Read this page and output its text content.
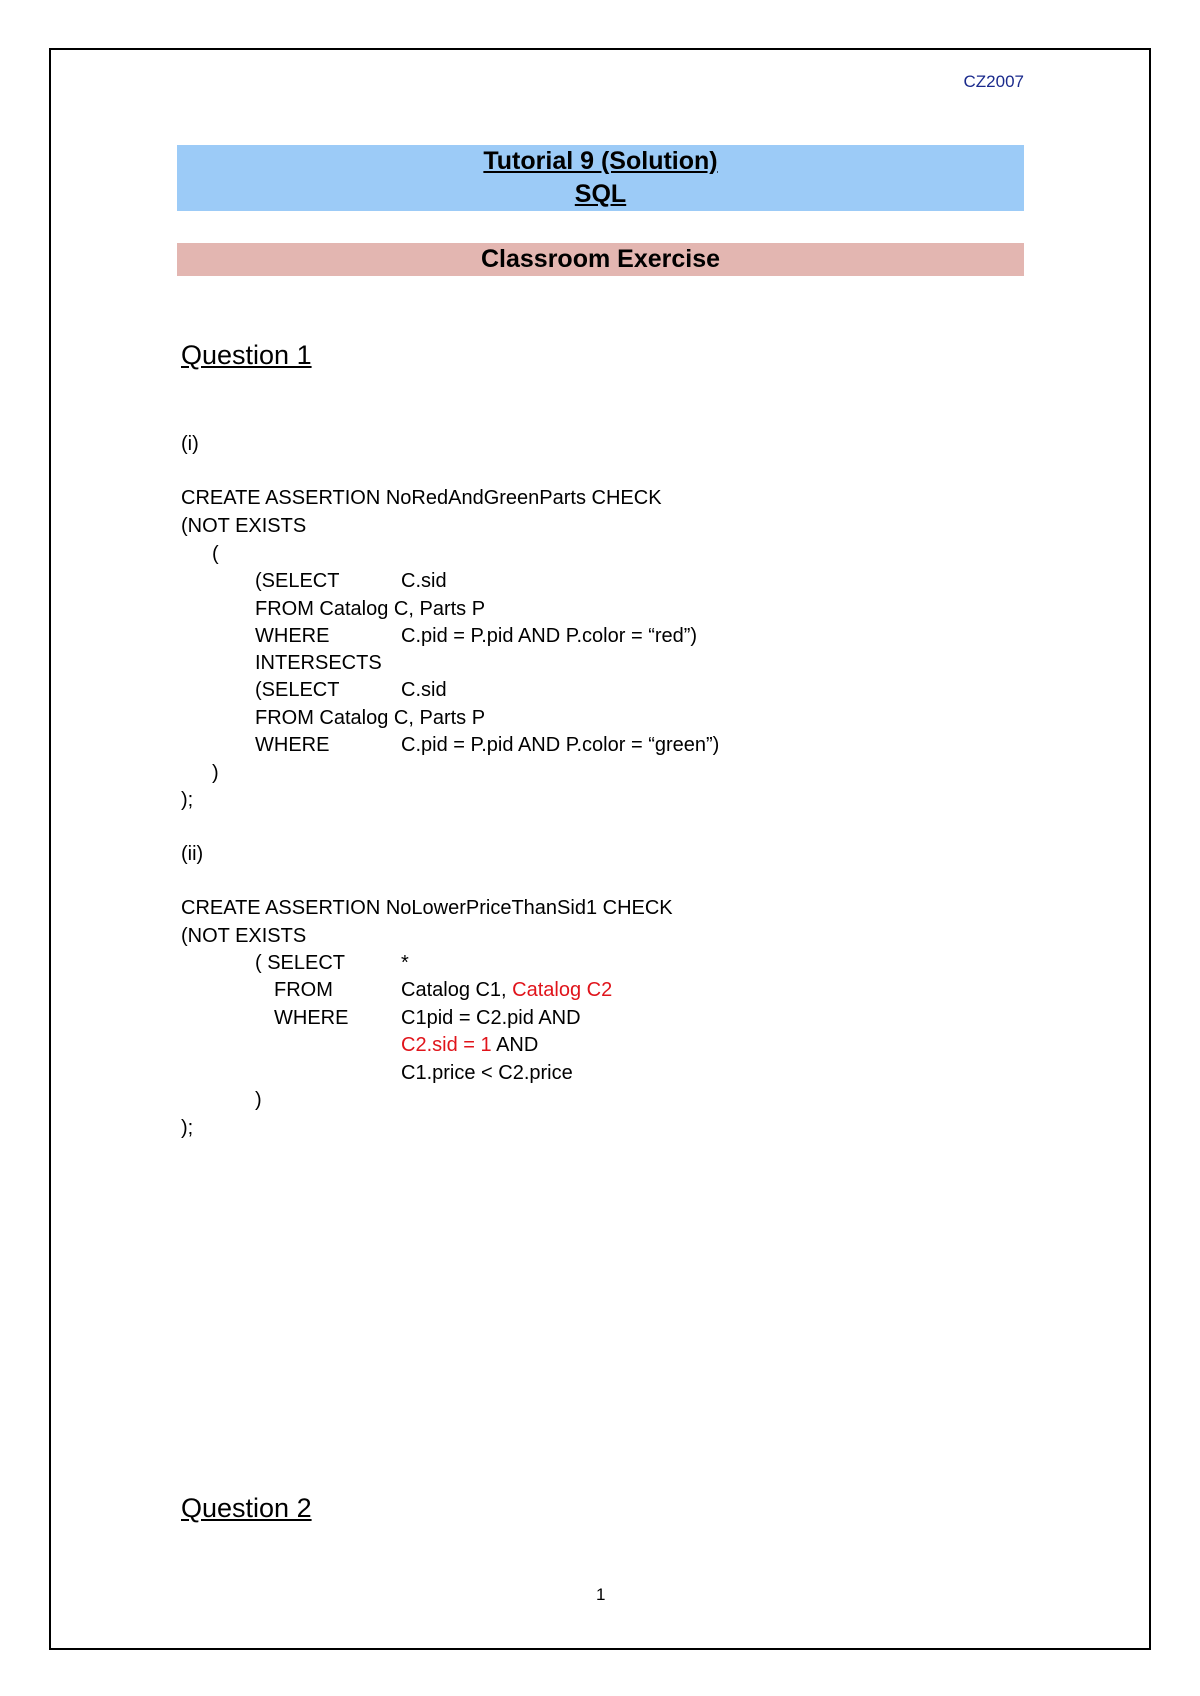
CZ2007
Tutorial 9 (Solution)
SQL
Classroom Exercise
Question 1
(i)
CREATE ASSERTION NoRedAndGreenParts CHECK
(NOT EXISTS
(
(SELECT	C.sid
FROM Catalog C, Parts P
WHERE	C.pid = P.pid AND P.color = “red”)
INTERSECTS
(SELECT	C.sid
FROM Catalog C, Parts P
WHERE	C.pid = P.pid AND P.color = “green”)
)
);
(ii)
CREATE ASSERTION NoLowerPriceThanSid1 CHECK
(NOT EXISTS
( SELECT	*
FROM	Catalog C1, Catalog C2
WHERE	C1pid = C2.pid AND
C2.sid = 1 AND
C1.price < C2.price
)
);
Question 2
1
